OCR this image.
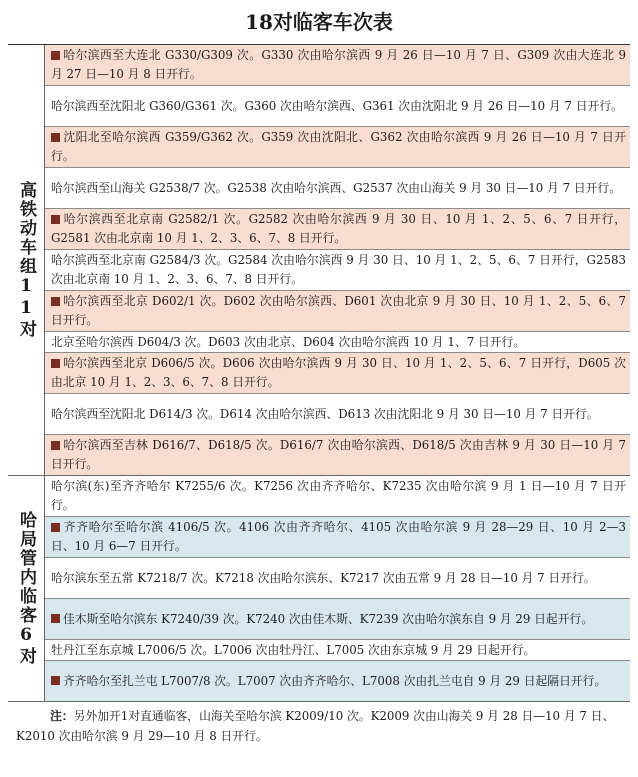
18对临客车次表
高铁动车组11对
哈尔滨西至大连北 G330/G309 次。G330 次由哈尔滨西 9 月 26 日—10 月 7 日、G309 次由大连北 9 月 27 日—10 月 8 日开行。
哈尔滨西至沈阳北 G360/G361 次。G360 次由哈尔滨西、G361 次由沈阳北 9 月 26 日—10 月 7 日开行。
沈阳北至哈尔滨西 G359/G362 次。G359 次由沈阳北、G362 次由哈尔滨西 9 月 26 日—10 月 7 日开行。
哈尔滨西至山海关 G2538/7 次。G2538 次由哈尔滨西、G2537 次由山海关 9 月 30 日—10 月 7 日开行。
哈尔滨西至北京南 G2582/1 次。G2582 次由哈尔滨西 9 月 30 日、10 月 1、2、5、6、7 日开行，G2581 次由北京南 10 月 1、2、3、6、7、8 日开行。
哈尔滨西至北京南 G2584/3 次。G2584 次由哈尔滨西 9 月 30 日、10 月 1、2、5、6、7 日开行，G2583 次由北京南 10 月 1、2、3、6、7、8 日开行。
哈尔滨西至北京 D602/1 次。D602 次由哈尔滨西、D601 次由北京 9 月 30 日、10 月 1、2、5、6、7 日开行。
北京至哈尔滨西 D604/3 次。D603 次由北京、D604 次由哈尔滨西 10 月 1、7 日开行。
哈尔滨西至北京 D606/5 次。D606 次由哈尔滨西 9 月 30 日、10 月 1、2、5、6、7 日开行，D605 次由北京 10 月 1、2、3、6、7、8 日开行。
哈尔滨西至沈阳北 D614/3 次。D614 次由哈尔滨西、D613 次由沈阳北 9 月 30 日—10 月 7 日开行。
哈尔滨西至吉林 D616/7、D618/5 次。D616/7 次由哈尔滨西、D618/5 次由吉林 9 月 30 日—10 月 7 日开行。
哈局管内临客6对
哈尔滨(东)至齐齐哈尔 K7255/6 次。K7256 次由齐齐哈尔、K7235 次由哈尔滨 9 月 1 日—10 月 7 日开行。
齐齐哈尔至哈尔滨 4106/5 次。4106 次由齐齐哈尔、4105 次由哈尔滨 9 月 28—29 日、10 月 2—3 日、10 月 6—7 日开行。
哈尔滨东至五常 K7218/7 次。K7218 次由哈尔滨东、K7217 次由五常 9 月 28 日—10 月 7 日开行。
佳木斯至哈尔滨东 K7240/39 次。K7240 次由佳木斯、K7239 次由哈尔滨东自 9 月 29 日起开行。
牡丹江至东京城 L7006/5 次。L7006 次由牡丹江、L7005 次由东京城 9 月 29 日起开行。
齐齐哈尔至扎兰屯 L7007/8 次。L7007 次由齐齐哈尔、L7008 次由扎兰屯自 9 月 29 日起隔日开行。
注：另外加开1对直通临客，山海关至哈尔滨 K2009/10 次。K2009 次由山海关 9 月 28 日—10 月 7 日、K2010 次由哈尔滨 9 月 29—10 月 8 日开行。
